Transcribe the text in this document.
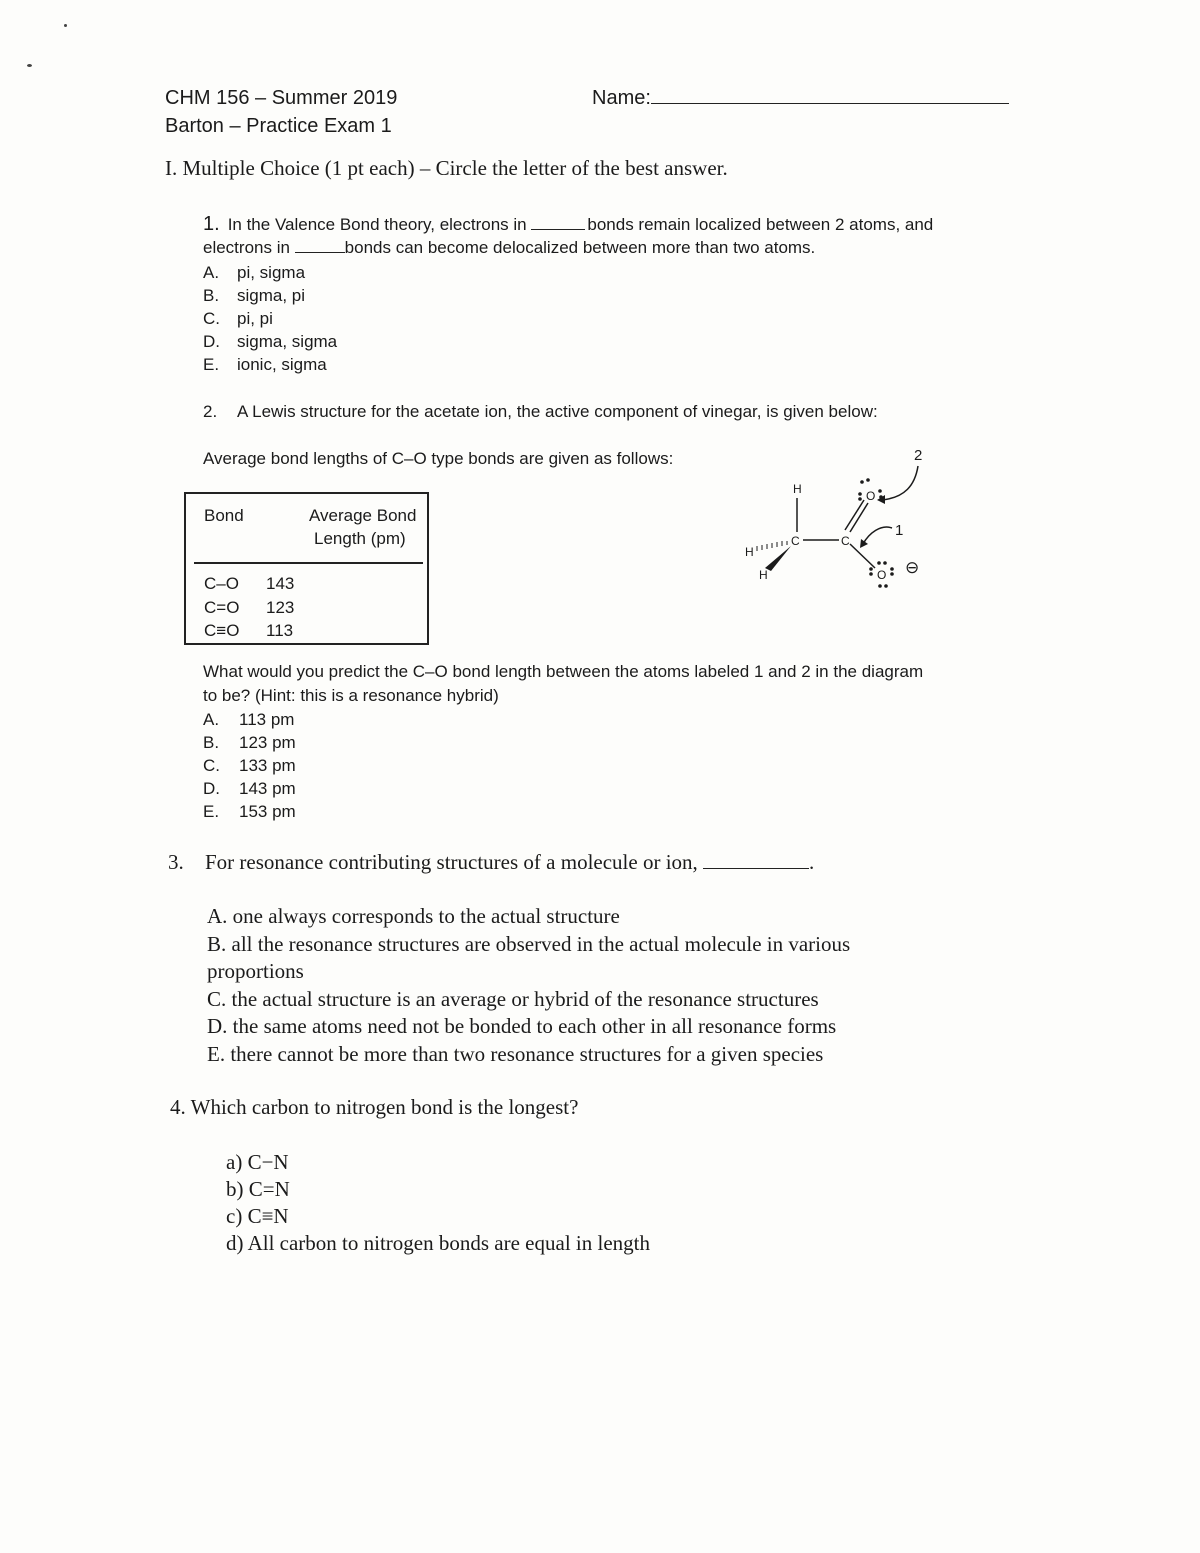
CHM 156 – Summer 2019
Barton – Practice Exam 1
Name:
I. Multiple Choice (1 pt each) – Circle the letter of the best answer.
1. In the Valence Bond theory, electrons in	bonds remain localized between 2 atoms, and
electrons in	bonds can become delocalized between more than two atoms.
A. pi, sigma
B. sigma, pi
C. pi, pi
D. sigma, sigma
E. ionic, sigma
2. A Lewis structure for the acetate ion, the active component of vinegar, is given below:
Average bond lengths of C–O type bonds are given as follows:
Bond	Average Bond
Length (pm)
C–O 143
C=O 123
C≡O 113
H
H
H
C	C
O
O
1
2
⊖
What would you predict the C–O bond length between the atoms labeled 1 and 2 in the diagram
to be? (Hint: this is a resonance hybrid)
A. 113 pm
B. 123 pm
C. 133 pm
D. 143 pm
E. 153 pm
3. For resonance contributing structures of a molecule or ion,	.
A. one always corresponds to the actual structure
B. all the resonance structures are observed in the actual molecule in various
proportions
C. the actual structure is an average or hybrid of the resonance structures
D. the same atoms need not be bonded to each other in all resonance forms
E. there cannot be more than two resonance structures for a given species
4. Which carbon to nitrogen bond is the longest?
a) C−N
b) C=N
c) C≡N
d) All carbon to nitrogen bonds are equal in length
